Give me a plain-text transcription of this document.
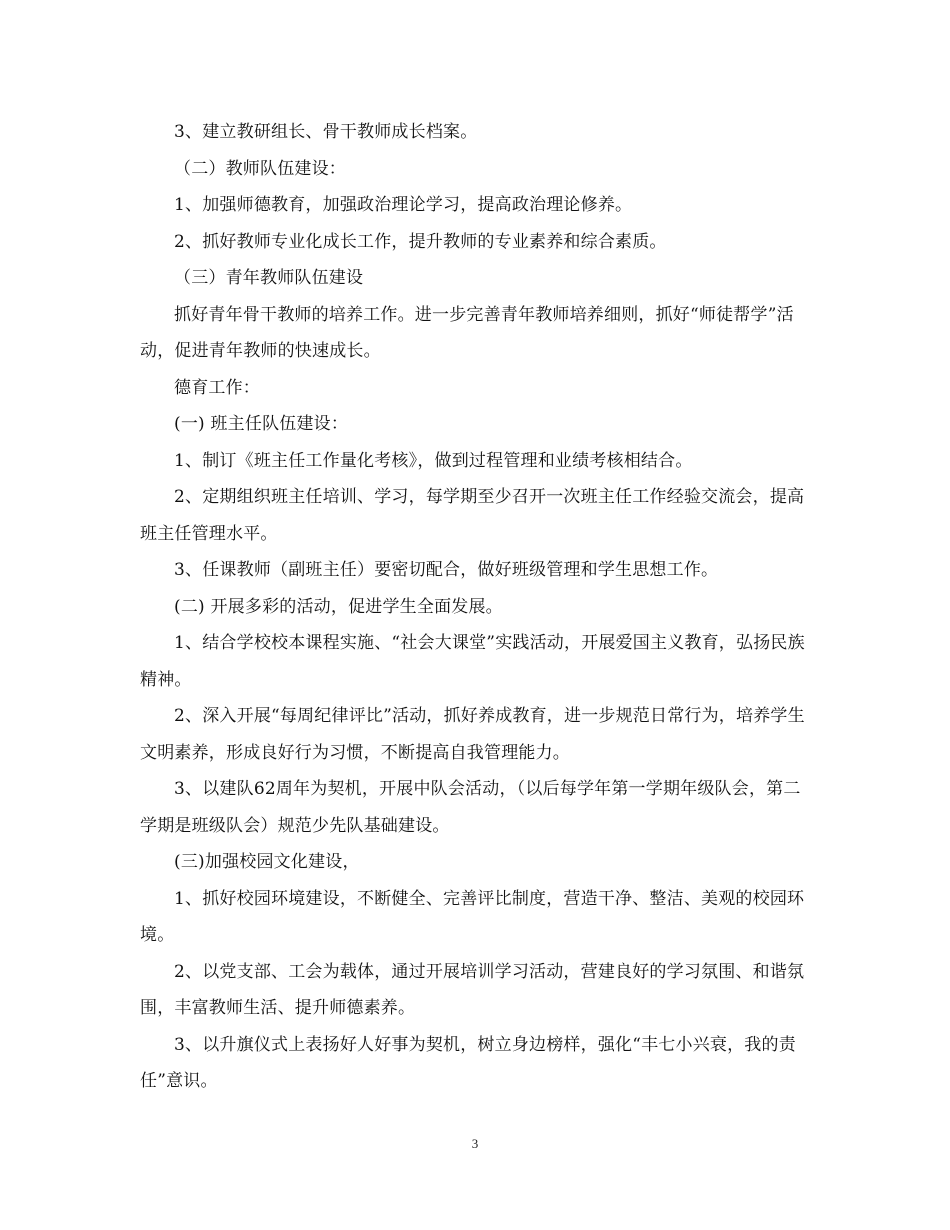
3、建立教研组长、骨干教师成长档案。

（二）教师队伍建设：

1、加强师德教育，加强政治理论学习，提高政治理论修养。

2、抓好教师专业化成长工作，提升教师的专业素养和综合素质。

（三）青年教师队伍建设

抓好青年骨干教师的培养工作。进一步完善青年教师培养细则，抓好“师徒帮学”活动，促进青年教师的快速成长。

德育工作：

(一) 班主任队伍建设：

1、制订《班主任工作量化考核》，做到过程管理和业绩考核相结合。

2、定期组织班主任培训、学习，每学期至少召开一次班主任工作经验交流会，提高班主任管理水平。

3、任课教师（副班主任）要密切配合，做好班级管理和学生思想工作。

(二) 开展多彩的活动，促进学生全面发展。

1、结合学校校本课程实施、“社会大课堂”实践活动，开展爱国主义教育，弘扬民族精神。

2、深入开展“每周纪律评比”活动，抓好养成教育，进一步规范日常行为，培养学生文明素养，形成良好行为习惯，不断提高自我管理能力。

3、以建队62周年为契机，开展中队会活动，（以后每学年第一学期年级队会，第二学期是班级队会）规范少先队基础建设。

(三)加强校园文化建设，

1、抓好校园环境建设，不断健全、完善评比制度，营造干净、整洁、美观的校园环境。

2、以党支部、工会为载体，通过开展培训学习活动，营建良好的学习氛围、和谐氛围，丰富教师生活、提升师德素养。

3、以升旗仪式上表扬好人好事为契机，树立身边榜样，强化“丰七小兴衰，我的责任”意识。

3
